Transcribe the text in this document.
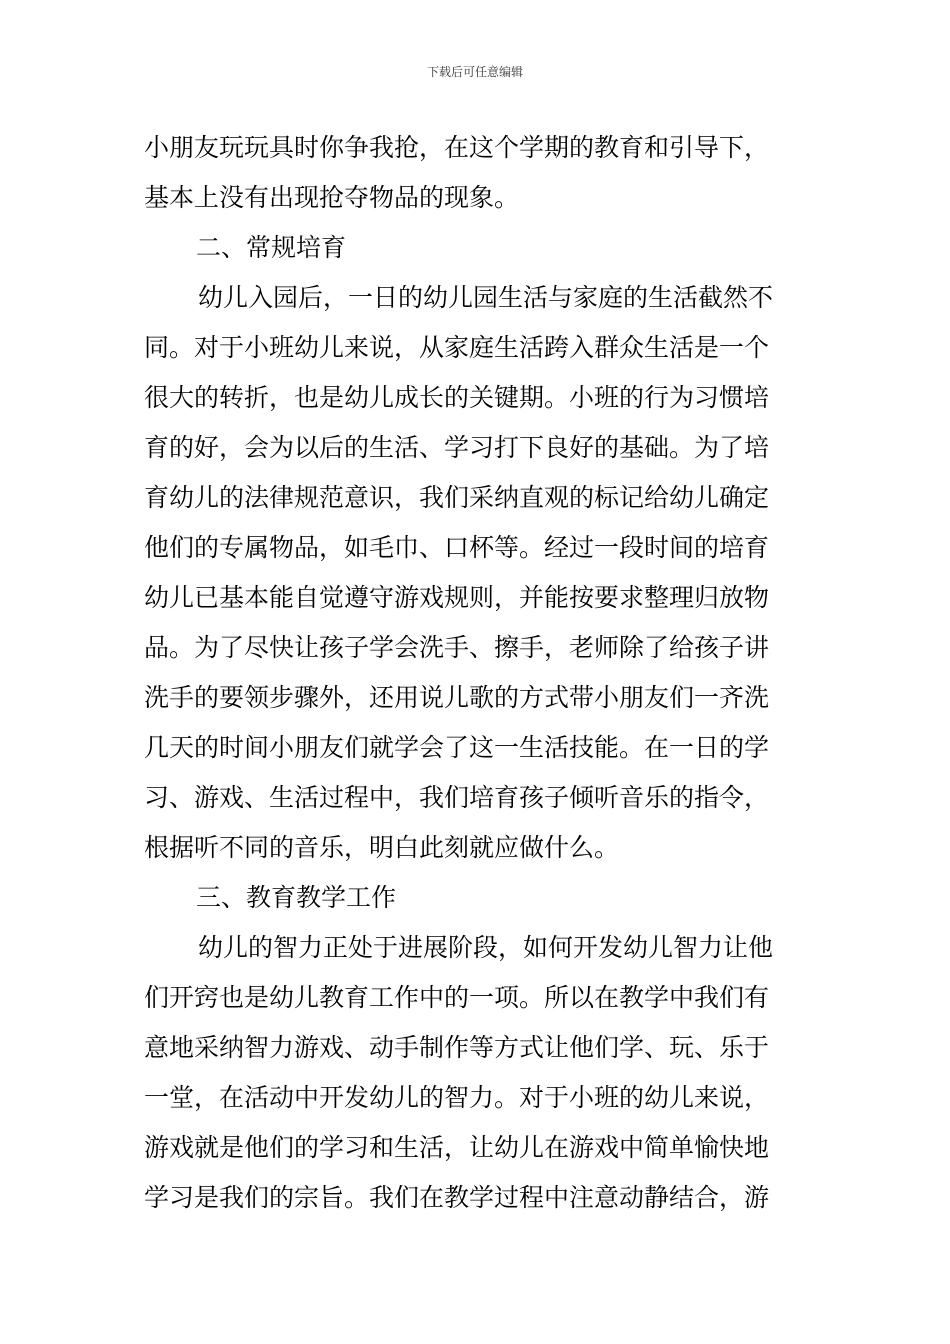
下载后可任意编辑
小朋友玩玩具时你争我抢，在这个学期的教育和引导下，
基本上没有出现抢夺物品的现象。
二、常规培育
幼儿入园后，一日的幼儿园生活与家庭的生活截然不
同。对于小班幼儿来说，从家庭生活跨入群众生活是一个
很大的转折，也是幼儿成长的关键期。小班的行为习惯培
育的好，会为以后的生活、学习打下良好的基础。为了培
育幼儿的法律规范意识，我们采纳直观的标记给幼儿确定
他们的专属物品，如毛巾、口杯等。经过一段时间的培育
幼儿已基本能自觉遵守游戏规则，并能按要求整理归放物
品。为了尽快让孩子学会洗手、擦手，老师除了给孩子讲
洗手的要领步骤外，还用说儿歌的方式带小朋友们一齐洗
几天的时间小朋友们就学会了这一生活技能。在一日的学
习、游戏、生活过程中，我们培育孩子倾听音乐的指令，
根据听不同的音乐，明白此刻就应做什么。
三、教育教学工作
幼儿的智力正处于进展阶段，如何开发幼儿智力让他
们开窍也是幼儿教育工作中的一项。所以在教学中我们有
意地采纳智力游戏、动手制作等方式让他们学、玩、乐于
一堂，在活动中开发幼儿的智力。对于小班的幼儿来说，
游戏就是他们的学习和生活，让幼儿在游戏中简单愉快地
学习是我们的宗旨。我们在教学过程中注意动静结合，游
